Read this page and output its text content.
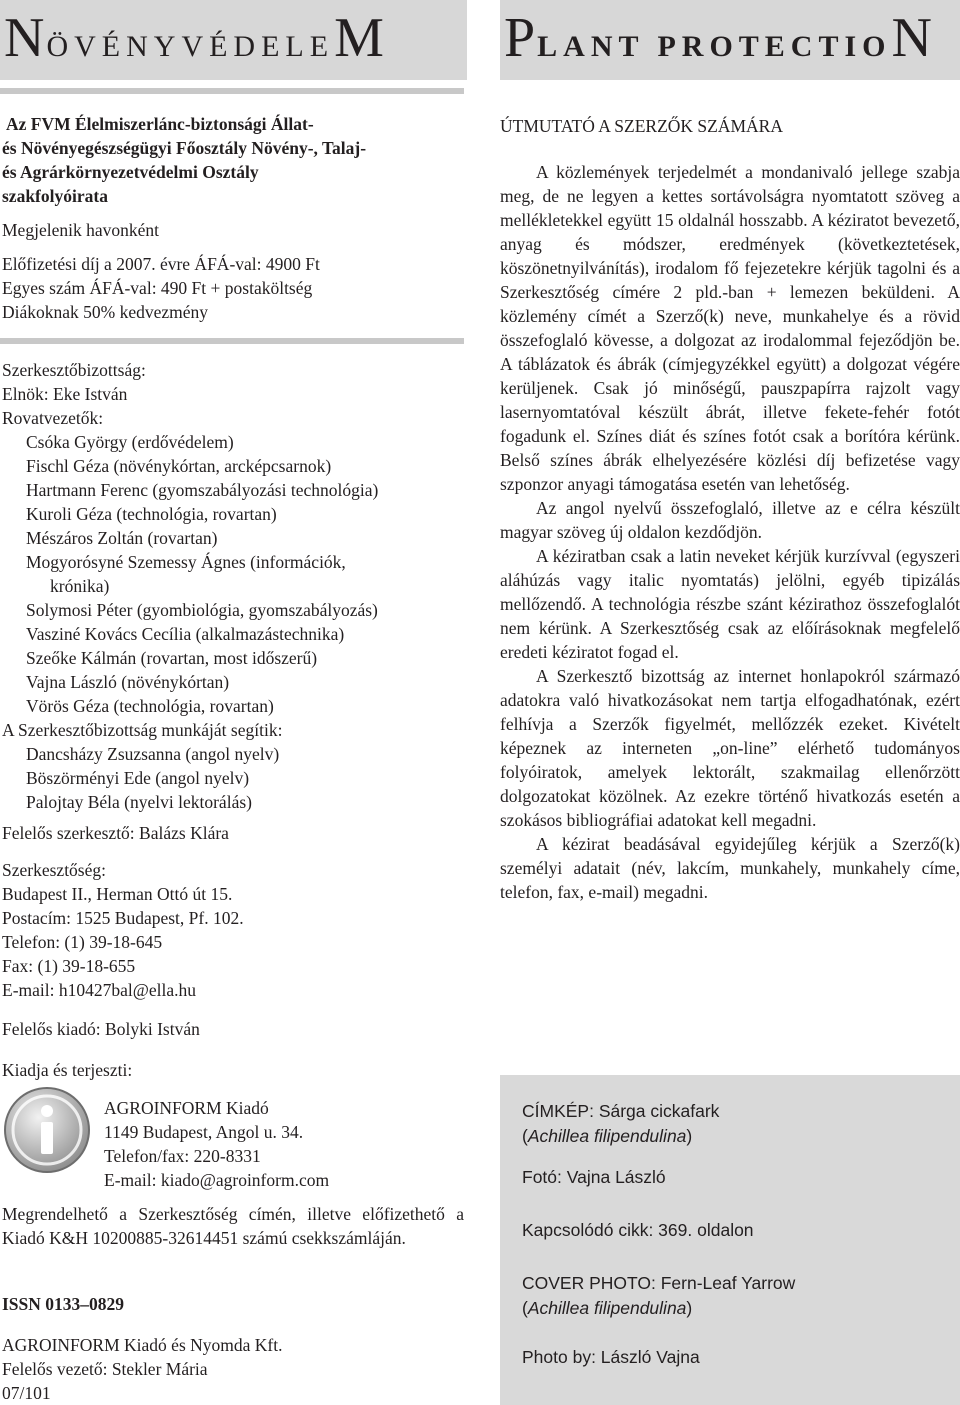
NÖVÉNYVÉDELEM PLANT PROTECTION
Az FVM Élelmiszerlánc-biztonsági Állat-
és Növényegészségügyi Főosztály Növény-, Talaj-
és Agrárkörnyezetvédelmi Osztály
szakfolyóirata
Megjelenik havonként
Előfizetési díj a 2007. évre ÁFÁ-val: 4900 Ft
Egyes szám ÁFÁ-val: 490 Ft + postaköltség
Diákoknak 50% kedvezmény
Szerkesztőbizottság:
Elnök: Eke István
Rovatvezetők:
Csóka György (erdővédelem)
Fischl Géza (növénykórtan, arcképcsarnok)
Hartmann Ferenc (gyomszabályozási technológia)
Kuroli Géza (technológia, rovartan)
Mészáros Zoltán (rovartan)
Mogyorósyné Szemessy Ágnes (információk,
krónika)
Solymosi Péter (gyombiológia, gyomszabályozás)
Vasziné Kovács Cecília (alkalmazástechnika)
Szeőke Kálmán (rovartan, most időszerű)
Vajna László (növénykórtan)
Vörös Géza (technológia, rovartan)
A Szerkesztőbizottság munkáját segítik:
Dancsházy Zsuzsanna (angol nyelv)
Böszörményi Ede (angol nyelv)
Palojtay Béla (nyelvi lektorálás)
Felelős szerkesztő: Balázs Klára
Szerkesztőség:
Budapest II., Herman Ottó út 15.
Postacím: 1525 Budapest, Pf. 102.
Telefon: (1) 39-18-645
Fax: (1) 39-18-655
E-mail: h10427bal@ella.hu
Felelős kiadó: Bolyki István
Kiadja és terjeszti:
AGROINFORM Kiadó
1149 Budapest, Angol u. 34.
Telefon/fax: 220-8331
E-mail: kiado@agroinform.com
Megrendelhető a Szerkesztőség címén, illetve előfizethető a Kiadó K&H 10200885-32614451 számú csekkszámláján.
ISSN 0133–0829
AGROINFORM Kiadó és Nyomda Kft.
Felelős vezető: Stekler Mária
07/101
ÚTMUTATÓ A SZERZŐK SZÁMÁRA

A közlemények terjedelmét a mondanivaló jellege szabja meg, de ne legyen a kettes sortávolságra nyomtatott szöveg a mellékletekkel együtt 15 oldalnál hosszabb. A kéziratot bevezető, anyag és módszer, eredmények (következtetések, köszönetnyilvánítás), irodalom fő fejezetekre kérjük tagolni és a Szerkesztőség címére 2 pld.-ban + lemezen beküldeni. A közlemény címét a Szerző(k) neve, munkahelye és a rövid összefoglaló kövesse, a dolgozat az irodalommal fejeződjön be. A táblázatok és ábrák (címjegyzékkel együtt) a dolgozat végére kerüljenek. Csak jó minőségű, pauszpapírra rajzolt vagy lasernyomtatóval készült ábrát, illetve fekete-fehér fotót fogadunk el. Színes diát és színes fotót csak a borítóra kérünk. Belső színes ábrák elhelyezésére közlési díj befizetése vagy szponzor anyagi támogatása esetén van lehetőség.

Az angol nyelvű összefoglaló, illetve az e célra készült magyar szöveg új oldalon kezdődjön.

A kéziratban csak a latin neveket kérjük kurzívval (egyszeri aláhúzás vagy italic nyomtatás) jelölni, egyéb tipizálás mellőzendő. A technológia részbe szánt kézirathoz összefoglalót nem kérünk. A Szerkesztőség csak az előírásoknak megfelelő eredeti kéziratot fogad el.

A Szerkesztő bizottság az internet honlapokról származó adatokra való hivatkozásokat nem tartja elfogadhatónak, ezért felhívja a Szerzők figyelmét, mellőzzék ezeket. Kivételt képeznek az interneten „on-line” elérhető tudományos folyóiratok, amelyek lektorált, szakmailag ellenőrzött dolgozatokat közölnek. Az ezekre történő hivatkozás esetén a szokásos bibliográfiai adatokat kell megadni.

A kézirat beadásával egyidejűleg kérjük a Szerző(k) személyi adatait (név, lakcím, munkahely, munkahely címe, telefon, fax, e-mail) megadni.

CÍMKÉP: Sárga cickafark
(Achillea filipendulina)
Fotó: Vajna László
Kapcsolódó cikk: 369. oldalon
COVER PHOTO: Fern-Leaf Yarrow
(Achillea filipendulina)
Photo by: László Vajna
